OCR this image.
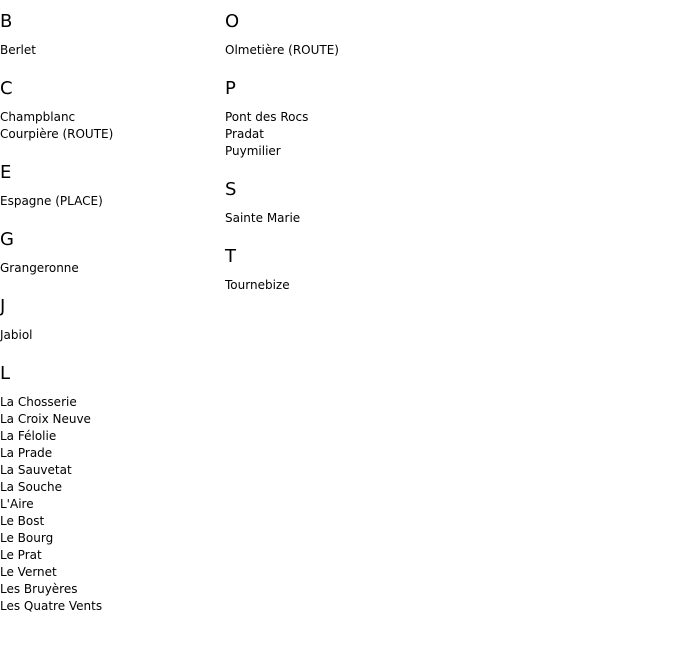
B
Berlet
C
Champblanc
Courpière (ROUTE)
E
Espagne (PLACE)
G
Grangeronne
J
Jabiol
L
La Chosserie
La Croix Neuve
La Félolie
La Prade
La Sauvetat
La Souche
L'Aire
Le Bost
Le Bourg
Le Prat
Le Vernet
Les Bruyères
Les Quatre Vents
O
Olmetière (ROUTE)
P
Pont des Rocs
Pradat
Puymilier
S
Sainte Marie
T
Tournebize
